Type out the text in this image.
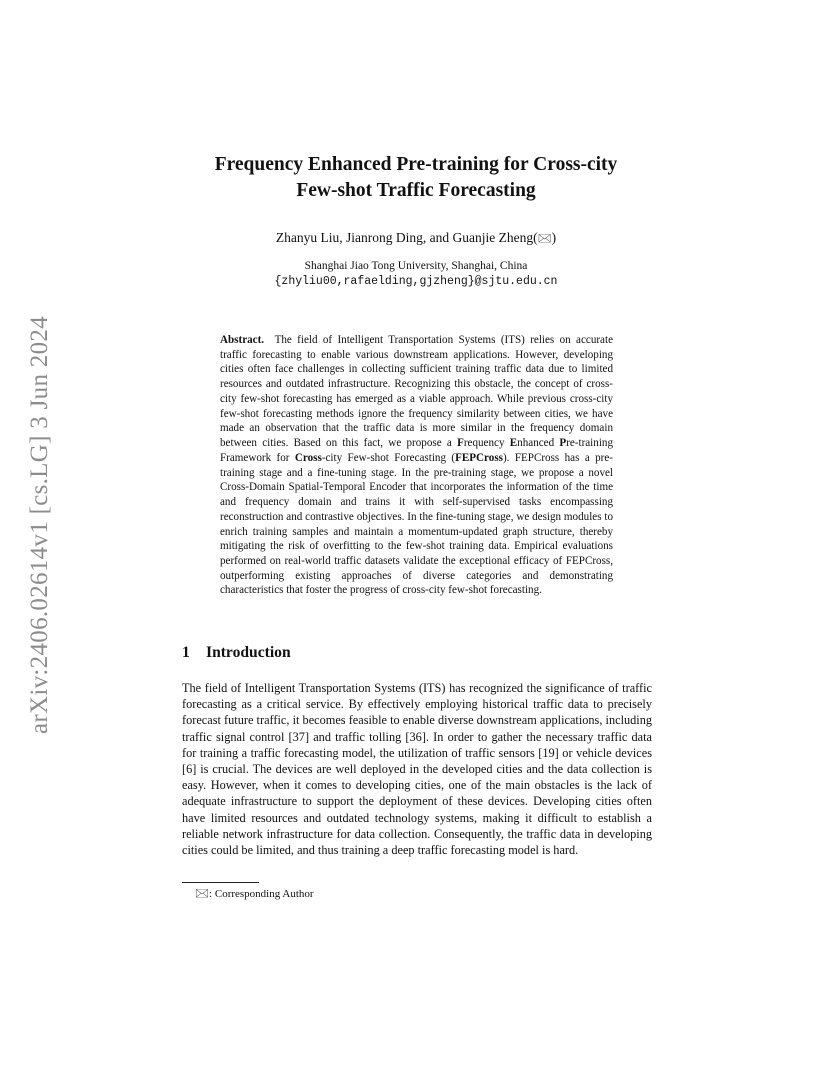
arXiv:2406.02614v1 [cs.LG] 3 Jun 2024
Frequency Enhanced Pre-training for Cross-city
Few-shot Traffic Forecasting
Zhanyu Liu, Jianrong Ding, and Guanjie Zheng(🖂)
Shanghai Jiao Tong University, Shanghai, China
{zhyliu00,rafaelding,gjzheng}@sjtu.edu.cn
Abstract. The field of Intelligent Transportation Systems (ITS) relies on accurate traffic forecasting to enable various downstream applications. However, developing cities often face challenges in collecting sufficient training traffic data due to limited resources and outdated infrastructure. Recognizing this obstacle, the concept of cross-city few-shot forecasting has emerged as a viable approach. While previous cross-city few-shot forecasting methods ignore the frequency similarity between cities, we have made an observation that the traffic data is more similar in the frequency domain between cities. Based on this fact, we propose a Frequency Enhanced Pre-training Framework for Cross-city Few-shot Forecasting (FEPCross). FEPCross has a pre-training stage and a fine-tuning stage. In the pre-training stage, we propose a novel Cross-Domain Spatial-Temporal Encoder that incorporates the information of the time and frequency domain and trains it with self-supervised tasks encompassing reconstruction and contrastive objectives. In the fine-tuning stage, we design modules to enrich training samples and maintain a momentum-updated graph structure, thereby mitigating the risk of overfitting to the few-shot training data. Empirical evaluations performed on real-world traffic datasets validate the exceptional efficacy of FEPCross, outperforming existing approaches of diverse categories and demonstrating characteristics that foster the progress of cross-city few-shot forecasting.
1 Introduction
The field of Intelligent Transportation Systems (ITS) has recognized the significance of traffic forecasting as a critical service. By effectively employing historical traffic data to precisely forecast future traffic, it becomes feasible to enable diverse downstream applications, including traffic signal control [37] and traffic tolling [36]. In order to gather the necessary traffic data for training a traffic forecasting model, the utilization of traffic sensors [19] or vehicle devices [6] is crucial. The devices are well deployed in the developed cities and the data collection is easy. However, when it comes to developing cities, one of the main obstacles is the lack of adequate infrastructure to support the deployment of these devices. Developing cities often have limited resources and outdated technology systems, making it difficult to establish a reliable network infrastructure for data collection. Consequently, the traffic data in developing cities could be limited, and thus training a deep traffic forecasting model is hard.
🖂: Corresponding Author
